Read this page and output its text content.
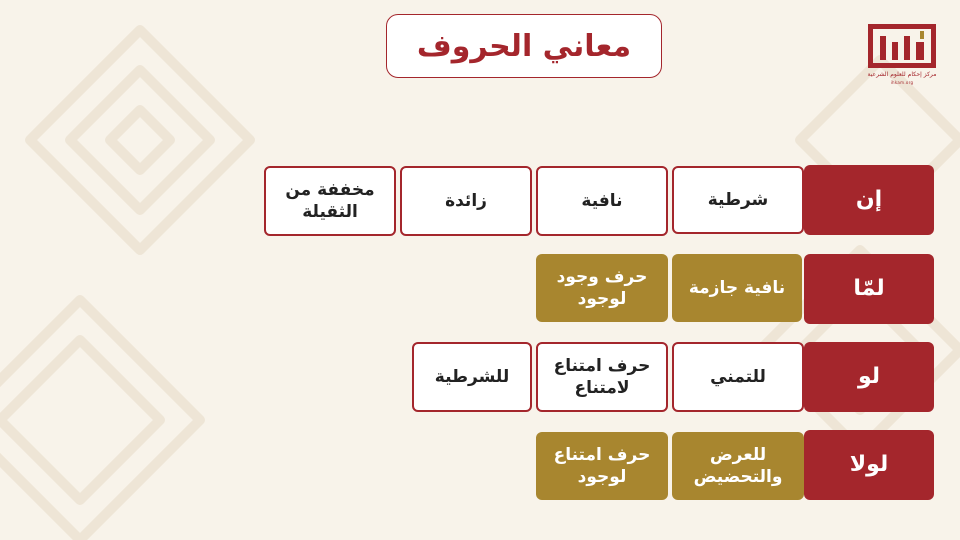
معاني الحروف
مركز إحكام للعلوم الشرعية
ihkam.org
إن
شرطية
نافية
زائدة
مخففة من الثقيلة
لمّا
نافية جازمة
حرف وجود لوجود
لو
للتمني
حرف امتناع لامتناع
للشرطية
لولا
للعرض والتحضيض
حرف امتناع لوجود
